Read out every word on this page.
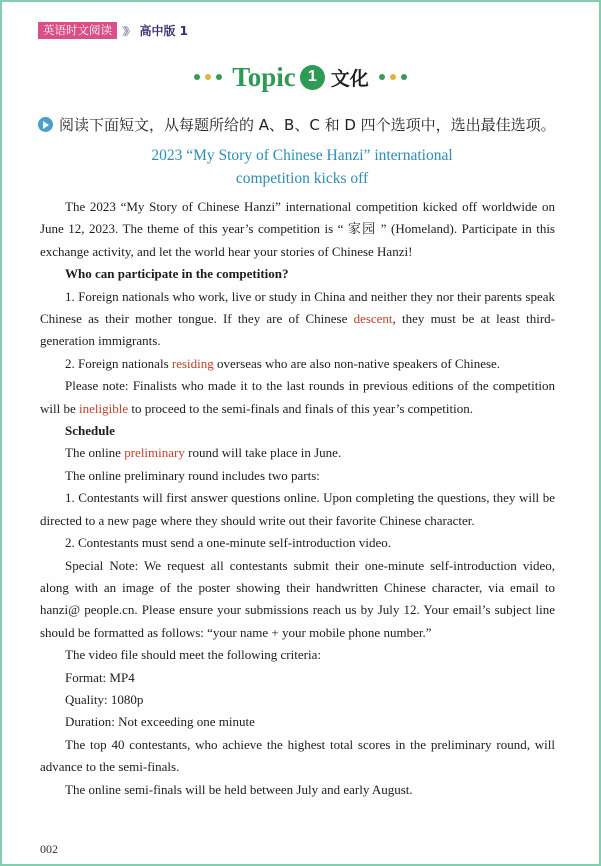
英语时文阅读 》》 高中版 1
Topic 1 文化
阅读下面短文，从每题所给的 A、B、C 和 D 四个选项中，选出最佳选项。
2023 “My Story of Chinese Hanzi” international
competition kicks off

The 2023 “My Story of Chinese Hanzi” international competition kicked off worldwide on June 12, 2023. The theme of this year’s competition is “ 家园 ” (Homeland). Participate in this exchange activity, and let the world hear your stories of Chinese Hanzi!

Who can participate in the competition?

1. Foreign nationals who work, live or study in China and neither they nor their parents speak Chinese as their mother tongue. If they are of Chinese descent, they must be at least third-generation immigrants.

2. Foreign nationals residing overseas who are also non-native speakers of Chinese.

Please note: Finalists who made it to the last rounds in previous editions of the competition will be ineligible to proceed to the semi-finals and finals of this year’s competition.

Schedule

The online preliminary round will take place in June.

The online preliminary round includes two parts:

1. Contestants will first answer questions online. Upon completing the questions, they will be directed to a new page where they should write out their favorite Chinese character.

2. Contestants must send a one-minute self-introduction video.

Special Note: We request all contestants submit their one-minute self-introduction video, along with an image of the poster showing their handwritten Chinese character, via email to hanzi@ people.cn. Please ensure your submissions reach us by July 12. Your email’s subject line should be formatted as follows: “your name + your mobile phone number.”

The video file should meet the following criteria:

Format: MP4

Quality: 1080p

Duration: Not exceeding one minute

The top 40 contestants, who achieve the highest total scores in the preliminary round, will advance to the semi-finals.

The online semi-finals will be held between July and early August.

002
